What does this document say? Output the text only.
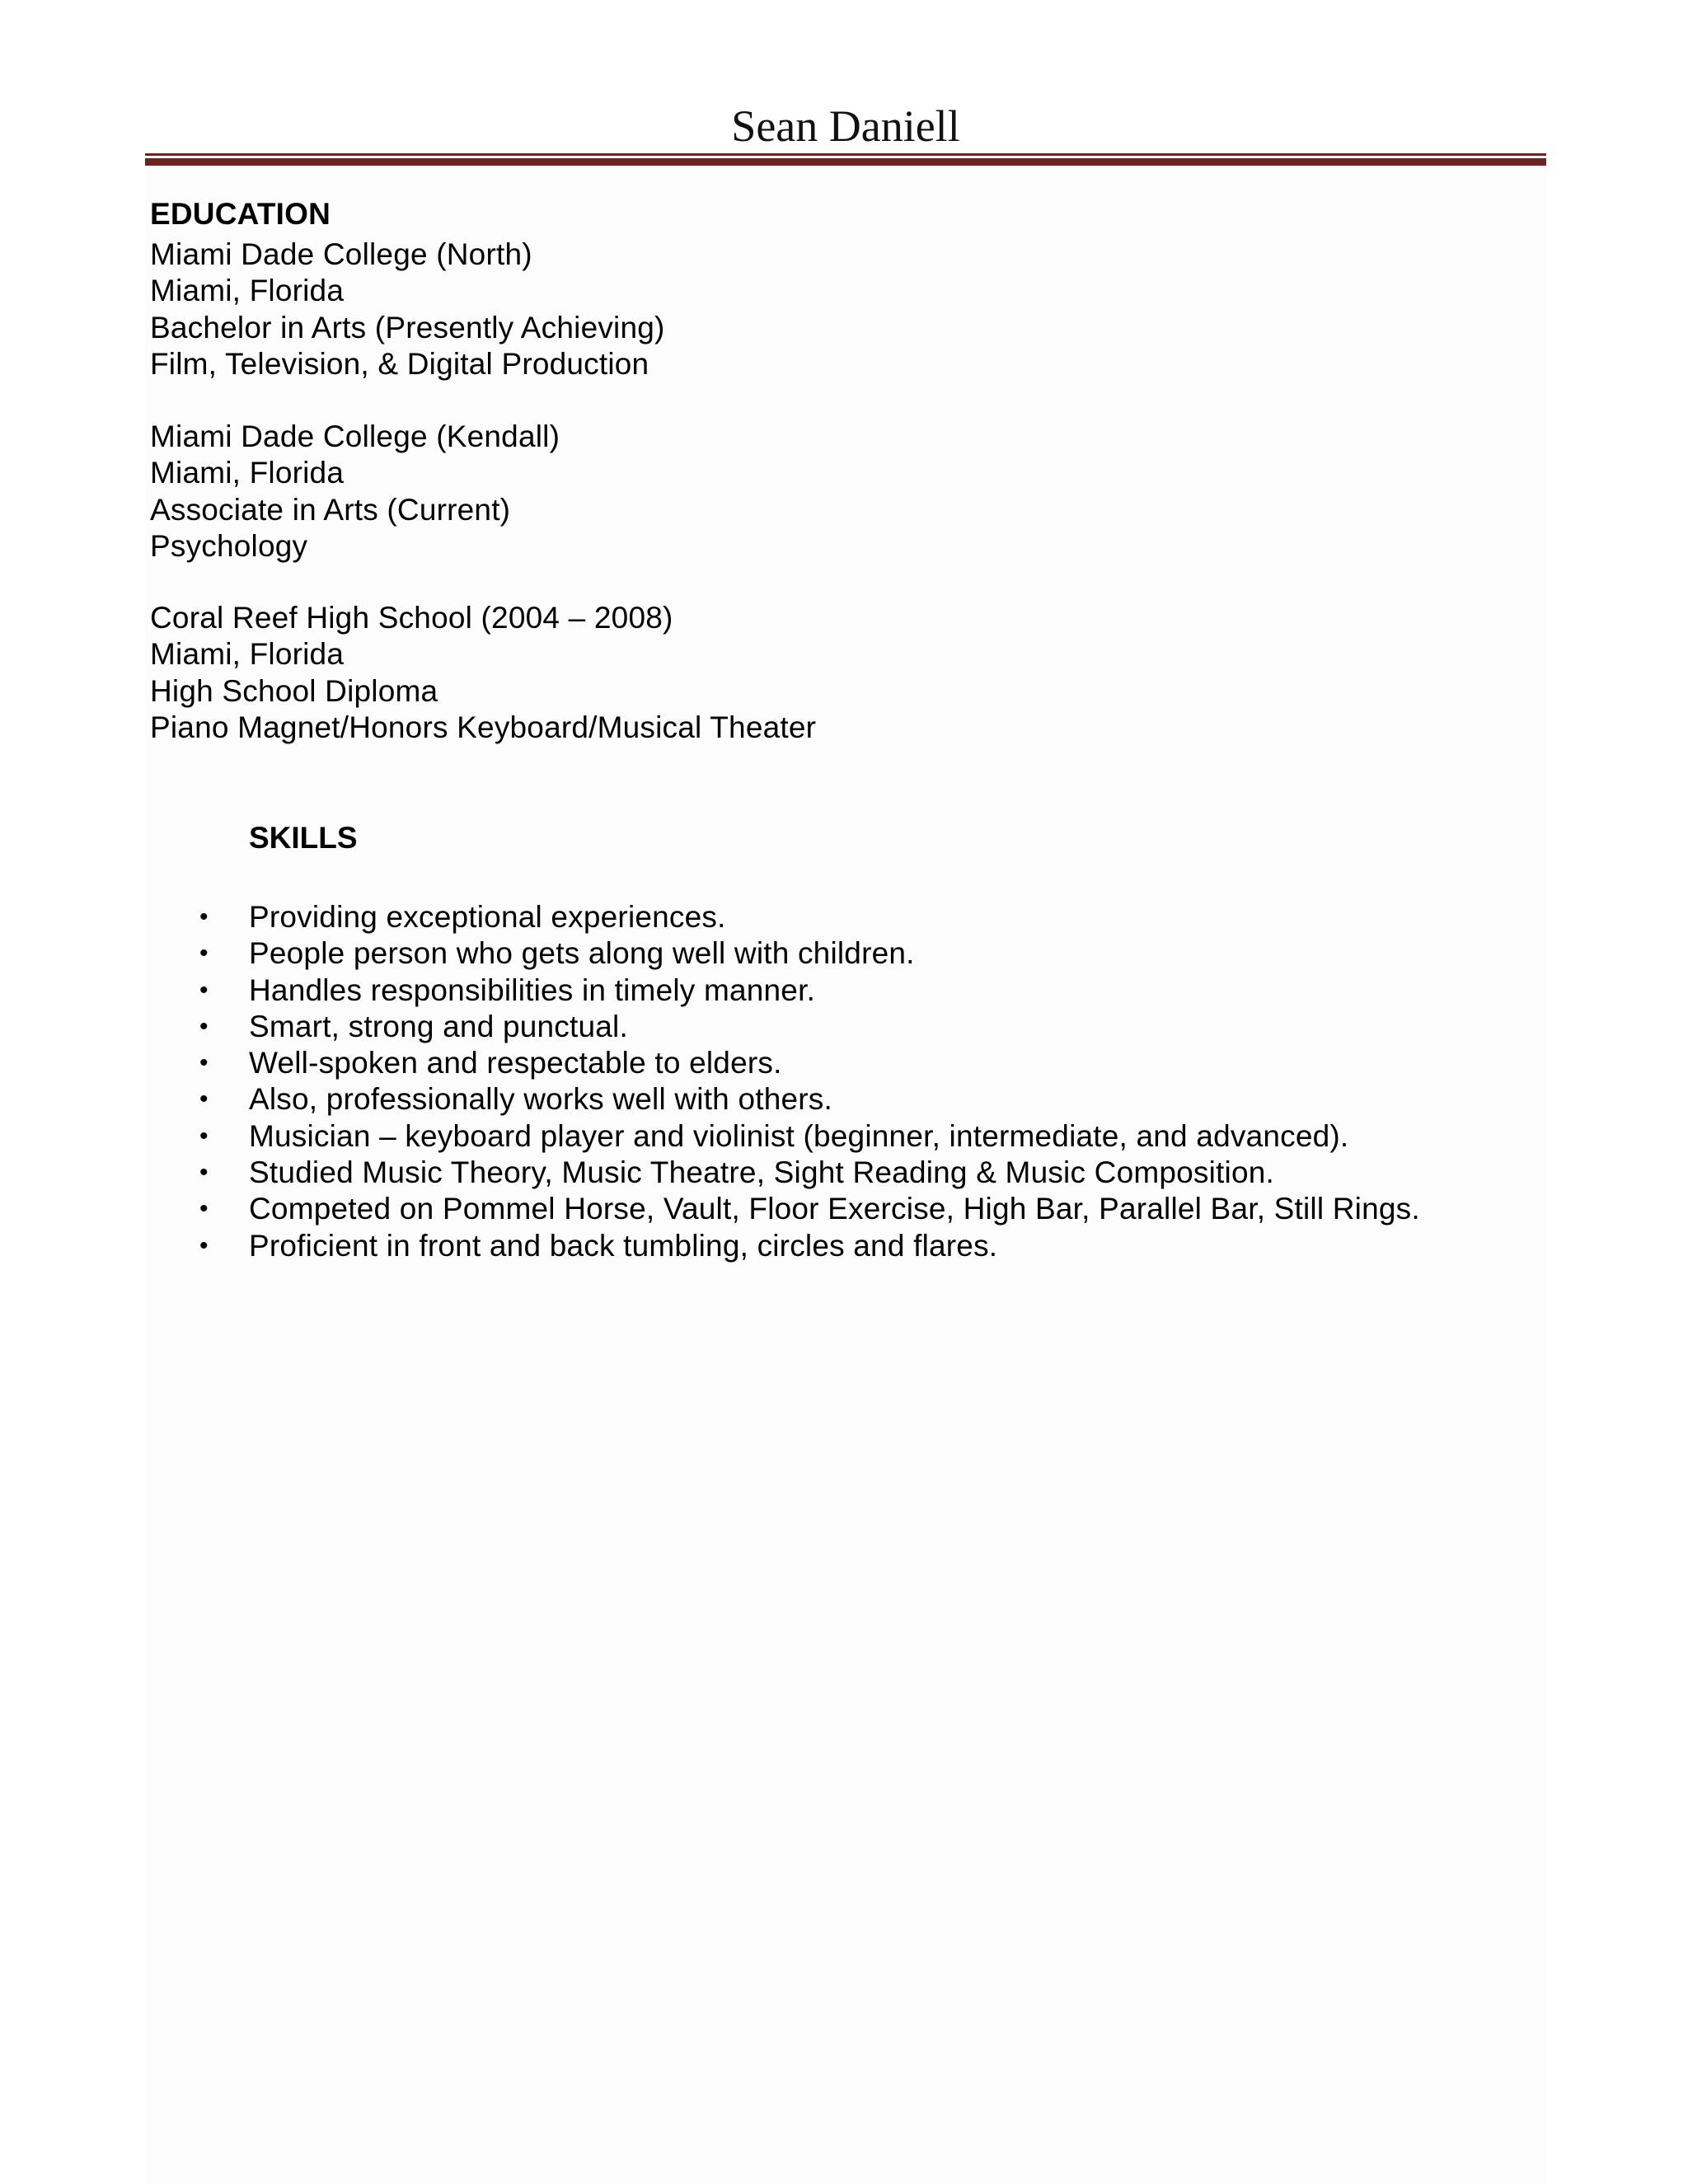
Sean Daniell
EDUCATION
Miami Dade College (North)
Miami, Florida
Bachelor in Arts (Presently Achieving)
Film, Television, & Digital Production
Miami Dade College (Kendall)
Miami, Florida
Associate in Arts (Current)
Psychology
Coral Reef High School (2004 – 2008)
Miami, Florida
High School Diploma
Piano Magnet/Honors Keyboard/Musical Theater
SKILLS
• Providing exceptional experiences.
• People person who gets along well with children.
• Handles responsibilities in timely manner.
• Smart, strong and punctual.
• Well-spoken and respectable to elders.
• Also, professionally works well with others.
• Musician – keyboard player and violinist (beginner, intermediate, and advanced).
• Studied Music Theory, Music Theatre, Sight Reading & Music Composition.
• Competed on Pommel Horse, Vault, Floor Exercise, High Bar, Parallel Bar, Still Rings.
• Proficient in front and back tumbling, circles and flares.
